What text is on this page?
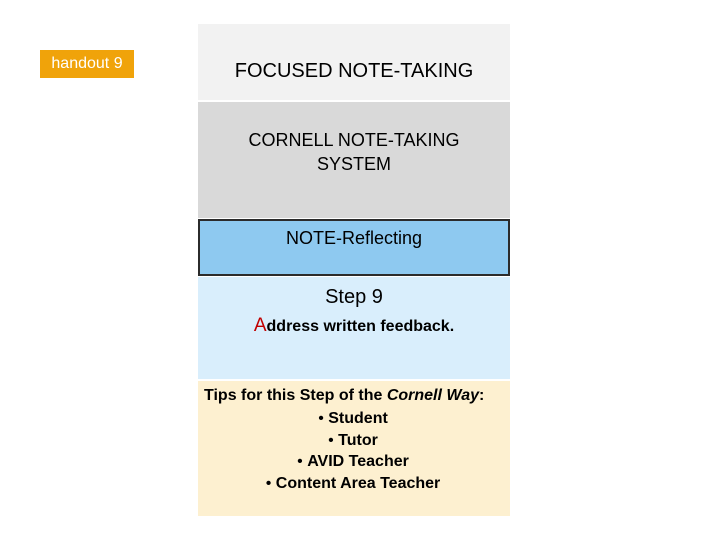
handout 9	FOCUSED NOTE-TAKING
CORNELL NOTE-TAKING
SYSTEM
NOTE-Reflecting
Step 9
Address written feedback.
Tips for this Step of the Cornell Way:
• Student
• Tutor
• AVID Teacher
• Content Area Teacher
